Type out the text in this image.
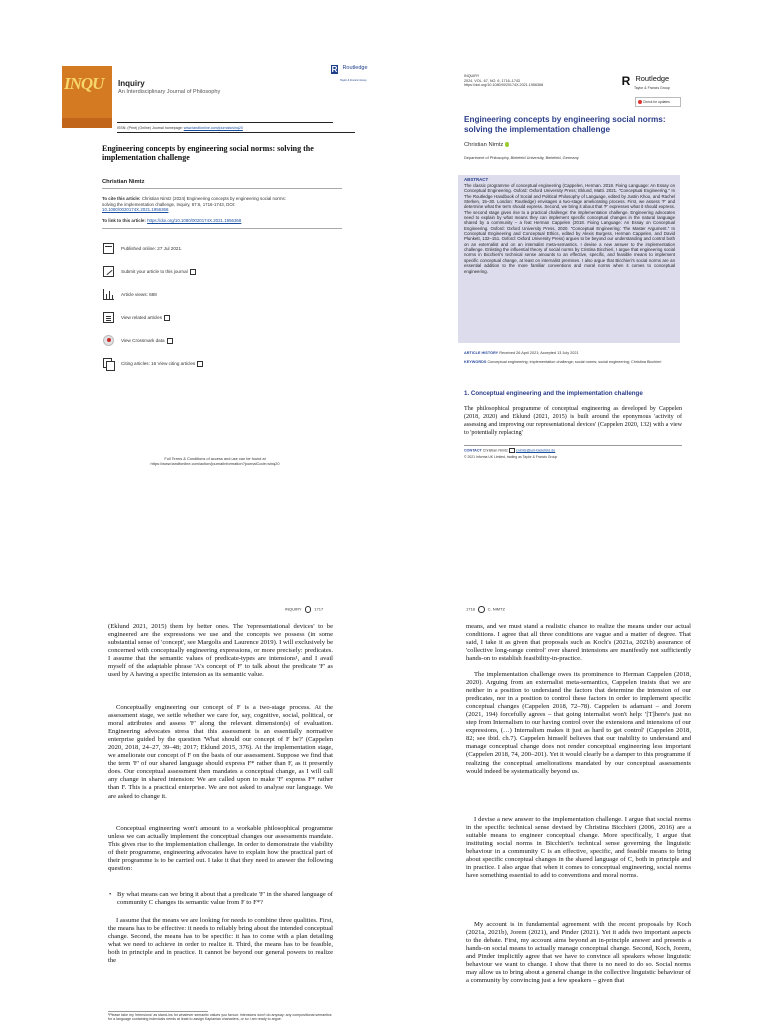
INQU Inquiry
An Interdisciplinary Journal of Philosophy
R $^{Routledge}$
Taylor & Francis Group
ISSN: (Print) (Online) Journal homepage: www.tandfonline.com/journals/sinq20
Engineering concepts by engineering social norms: solving the implementation challenge
Christian Nimtz
To cite this article: Christian Nimtz (2024) Engineering concepts by engineering social norms: solving the implementation challenge, Inquiry, 67:6, 1716-1743, DOI: 10.1080/0020174X.2021.1956368
To link to this article: https://doi.org/10.1080/0020174X.2021.1956368
Published online: 27 Jul 2021.
Submit your article to this journal
Article views: 688
View related articles
View Crossmark data
Citing articles: 16 View citing articles
Full Terms & Conditions of access and use can be found at
https://www.tandfonline.com/action/journalInformation?journalCode=sinq20
INQUIRY
2024, VOL. 67, NO. 6, 1716–1743
https://doi.org/10.1080/0020174X.2021.1956368	R $^{Routledge}$
Taylor & Francis Group
Check for updates
Engineering concepts by engineering social norms: solving the implementation challenge
Christian Nimtz
Department of Philosophy, Bielefeld University, Bielefeld, Germany
ABSTRACT
The classic programme of conceptual engineering (Cappelen, Herman. 2018. Fixing Language: An Essay on Conceptual Engineering. Oxford: Oxford University Press; Eklund, Matti. 2021. "Conceptual Engineering." In The Routledge Handbook of Social and Political Philosophy of Language, edited by Justin Khoo, and Rachel Sterken, 15–30. London: Routledge) envisages a two-stage ameliorating process. First, we assess 'F' and determine what the term should express. Second, we bring it about that 'F' expresses what it should express. The second stage gives rise to a practical challenge: the implementation challenge. Engineering advocates need to explain by what means they can implement specific conceptual changes in the natural language shared by a community – a feat Herman Cappelen (2018. Fixing Language: An Essay on Conceptual Engineering. Oxford: Oxford University Press, 2020. "Conceptual Engineering: The Master Argument." In Conceptual Engineering and Conceptual Ethics, edited by Alexis Burgess, Herman Cappelen, and David Plunkett, 132–151. Oxford: Oxford University Press) argues to be beyond our understanding and control both on an externalist and on an internalist meta-semantics. I devise a new answer to the implementation challenge. Enlisting the influential theory of social norms by Cristina Bicchieri, I argue that engineering social norms in Bicchieri's technical sense amounts to an effective, specific, and feasible means to implement specific conceptual change, at least on internalist premises. I also argue that Bicchieri's social norms are an essential addition to the more familiar conventions and moral norms when it comes to conceptual engineering.
ARTICLE HISTORY Received 26 April 2021; Accepted 13 July 2021
KEYWORDS Conceptual engineering; implementation challenge; social norms; social engineering; Christina Bicchieri
1. Conceptual engineering and the implementation challenge
The philosophical programme of conceptual engineering as developed by Cappelen (2018, 2020) and Eklund (2021, 2015) is built around the eponymous 'activity of assessing and improving our representational devices' (Cappelen 2020, 132) with a view to 'potentially replacing'
CONTACT Christian Nimtz cnimtz@uni-bielefeld.de
© 2021 Informa UK Limited, trading as Taylor & Francis Group
INQUIRY	1717
(Eklund 2021, 2015) them by better ones. The 'representational devices' to be engineered are the expressions we use and the concepts we possess (in some substantial sense of 'concept', see Margolis and Laurence 2019). I will exclusively be concerned with conceptually engineering expressions, or more precisely: predicates. I assume that the semantic values of predicate-types are intensions¹, and I avail myself of the adaptable phrase 'A's concept of F' to talk about the predicate 'F' as used by A having a specific intension as its semantic value.
Conceptually engineering our concept of F is a two-stage process. At the assessment stage, we settle whether we care for, say, cognitive, social, political, or moral attributes and assess 'F' along the relevant dimension(s) of evaluation. Engineering advocates stress that this assessment is an essentially normative enterprise guided by the question 'What should our concept of F be?' (Cappelen 2020, 2018, 24–27, 39–48; 2017; Eklund 2015, 376). At the implementation stage, we ameliorate our concept of F on the basis of our assessment. Suppose we find that the term 'F' of our shared language should express F* rather than F, as it presently does. Our conceptual assessment then mandates a conceptual change, as I will call any change in shared intension: We are called upon to make 'F' express F* rather than F. This is a practical enterprise. We are not asked to analyse our language. We are asked to change it.
Conceptual engineering won't amount to a workable philosophical programme unless we can actually implement the conceptual changes our assessments mandate. This gives rise to the implementation challenge. In order to demonstrate the viability of their programme, engineering advocates have to explain how the practical part of their programme is to be carried out. I take it that they need to answer the following question:
• By what means can we bring it about that a predicate 'F' in the shared language of community C changes its semantic value from F to F*?
I assume that the means we are looking for needs to combine three qualities. First, the means has to be effective: it needs to reliably bring about the intended conceptual change. Second, the means has to be specific: it has to come with a plan detailing what we need to achieve in order to realize it. Third, the means has to be feasible, both in principle and in practice. It cannot be beyond our general powers to realize the
¹Please take my 'intensions' as stand-ins for whatever semantic values you favour. Intensions won't do anyway: any compositional semantics for a language containing indexicals needs at least to assign Kaplanian characters, or so I am ready to argue.
1718	C. NIMTZ
means, and we must stand a realistic chance to realize the means under our actual conditions. I agree that all three conditions are vague and a matter of degree. That said, I take it as given that proposals such as Koch's (2021a, 2021b) assurance of 'collective long-range control' over shared intensions are manifestly not sufficiently hands-on to establish feasibility-in-practice.
The implementation challenge owes its prominence to Herman Cappelen (2018, 2020). Arguing from an externalist meta-semantics, Cappelen insists that we are neither in a position to understand the factors that determine the intension of our predicates, nor in a position to control these factors in order to implement specific conceptual changes (Cappelen 2018, 72–78). Cappelen is adamant – and Jorem (2021, 194) forcefully agrees – that going internalist won't help: '[T]here's just no step from Internalism to our having control over the extensions and intensions of our expressions, (…) Internalism makes it just as hard to get control' (Cappelen 2018, 82; see ibid. ch.7). Cappelen himself believes that our inability to understand and manage conceptual change does not render conceptual engineering less important (Cappelen 2018, 74, 200–201). Yet it would clearly be a damper to this programme if realizing the conceptual ameliorations mandated by our conceptual assessments would indeed be systematically beyond us.
I devise a new answer to the implementation challenge. I argue that social norms in the specific technical sense devised by Christina Bicchieri (2006, 2016) are a suitable means to engineer conceptual change. More specifically, I argue that instituting social norms in Bicchieri's technical sense governing the linguistic behaviour in a community C is an effective, specific, and feasible means to bring about specific conceptual changes in the shared language of C, both in principle and in practice. I also argue that when it comes to conceptual engineering, social norms have something essential to add to conventions and moral norms.
My account is in fundamental agreement with the recent proposals by Koch (2021a, 2021b), Jorem (2021), and Pinder (2021). Yet it adds two important aspects to the debate. First, my account aims beyond an in-principle answer and presents a hands-on social means to actually manage conceptual change. Second, Koch, Jorem, and Pinder implicitly agree that we have to convince all speakers whose linguistic behaviour we want to change. I show that there is no need to do so. Social norms may allow us to bring about a general change in the collective linguistic behaviour of a community by convincing just a few speakers – given that
